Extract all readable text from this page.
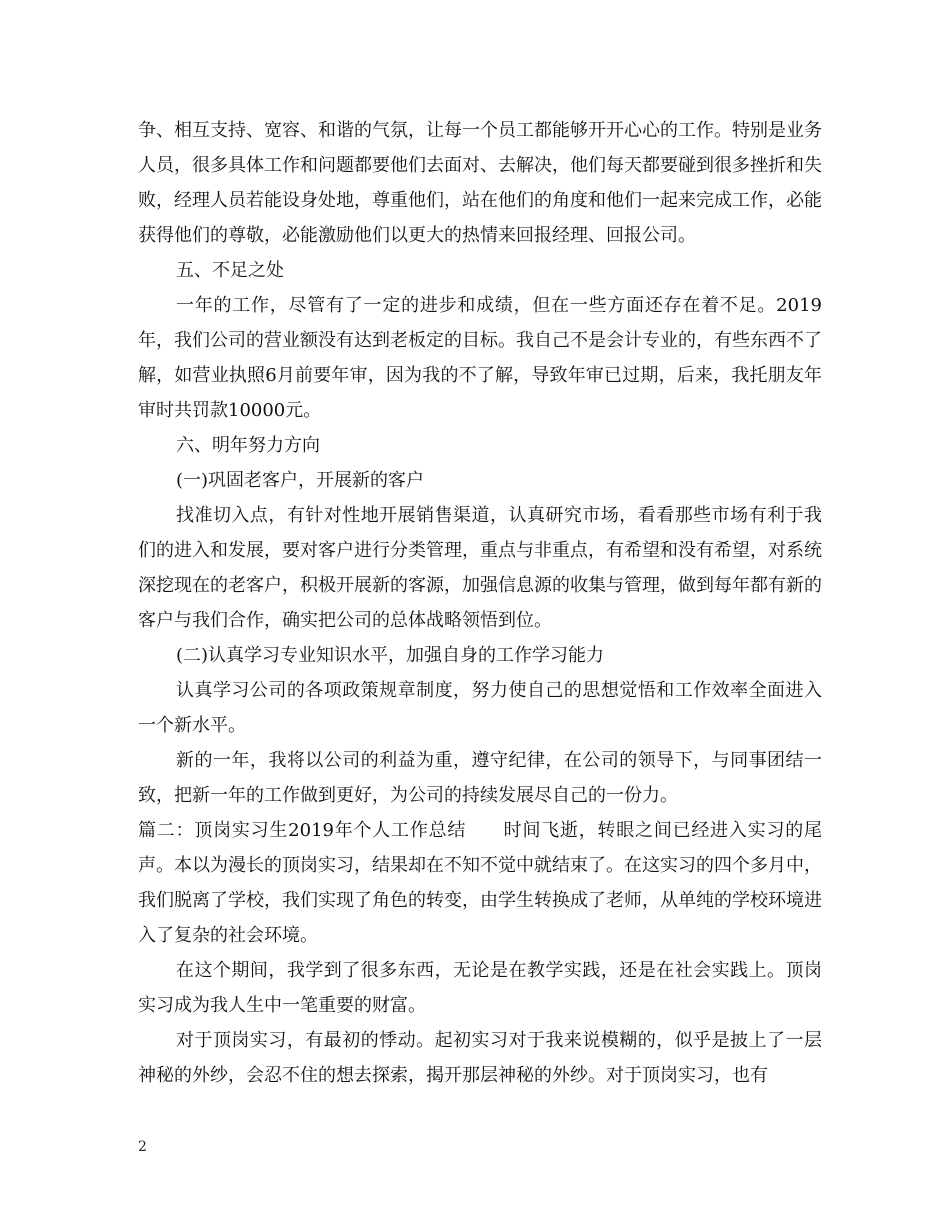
争、相互支持、宽容、和谐的气氛，让每一个员工都能够开开心心的工作。特别是业务人员，很多具体工作和问题都要他们去面对、去解决，他们每天都要碰到很多挫折和失败，经理人员若能设身处地，尊重他们，站在他们的角度和他们一起来完成工作，必能获得他们的尊敬，必能激励他们以更大的热情来回报经理、回报公司。

五、不足之处

一年的工作，尽管有了一定的进步和成绩，但在一些方面还存在着不足。2019年，我们公司的营业额没有达到老板定的目标。我自己不是会计专业的，有些东西不了解，如营业执照6月前要年审，因为我的不了解，导致年审已过期，后来，我托朋友年审时共罚款10000元。

六、明年努力方向

(一)巩固老客户，开展新的客户

找准切入点，有针对性地开展销售渠道，认真研究市场，看看那些市场有利于我们的进入和发展，要对客户进行分类管理，重点与非重点，有希望和没有希望，对系统深挖现在的老客户，积极开展新的客源，加强信息源的收集与管理，做到每年都有新的客户与我们合作，确实把公司的总体战略领悟到位。

(二)认真学习专业知识水平，加强自身的工作学习能力

认真学习公司的各项政策规章制度，努力使自己的思想觉悟和工作效率全面进入一个新水平。

新的一年，我将以公司的利益为重，遵守纪律，在公司的领导下，与同事团结一致，把新一年的工作做到更好，为公司的持续发展尽自己的一份力。

篇二：顶岗实习生2019年个人工作总结　　时间飞逝，转眼之间已经进入实习的尾声。本以为漫长的顶岗实习，结果却在不知不觉中就结束了。在这实习的四个多月中，我们脱离了学校，我们实现了角色的转变，由学生转换成了老师，从单纯的学校环境进入了复杂的社会环境。

在这个期间，我学到了很多东西，无论是在教学实践，还是在社会实践上。顶岗实习成为我人生中一笔重要的财富。

对于顶岗实习，有最初的悸动。起初实习对于我来说模糊的，似乎是披上了一层神秘的外纱，会忍不住的想去探索，揭开那层神秘的外纱。对于顶岗实习，也有

2
